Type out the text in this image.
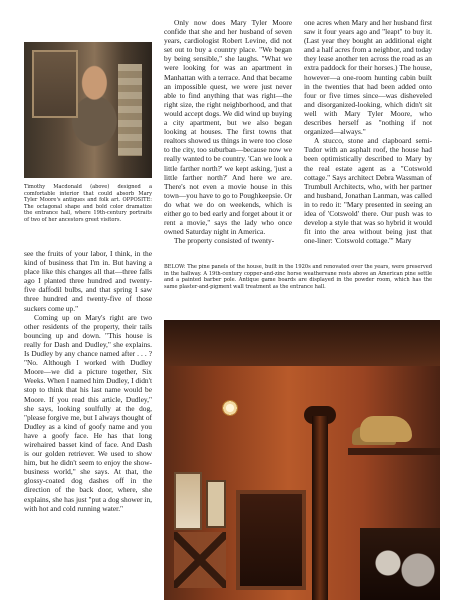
Timothy Macdonald (above) designed a comfortable interior that could absorb Mary Tyler Moore's antiques and folk art. OPPOSITE: The octagonal shape and bold color dramatize the entrance hall, where 19th-century portraits of two of her ancestors greet visitors.

see the fruits of your labor, I think, in the kind of business that I'm in. But having a place like this changes all that—three falls ago I planted three hundred and twenty-five daffodil bulbs, and that spring I saw three hundred and twenty-five of those suckers come up."

Coming up on Mary's right are two other residents of the property, their tails bouncing up and down. "This house is really for Dash and Dudley," she explains. Is Dudley by any chance named after . . . ? "No. Although I worked with Dudley Moore—we did a picture together, Six Weeks. When I named him Dudley, I didn't stop to think that his last name would be Moore. If you read this article, Dudley," she says, looking soulfully at the dog, "please forgive me, but I always thought of Dudley as a kind of goofy name and you have a goofy face. He has that long wirehaired basset kind of face. And Dash is our golden retriever. We used to show him, but he didn't seem to enjoy the show-business world," she says. At that, the glossy-coated dog dashes off in the direction of the back door, where, she explains, she has just "put a dog shower in, with hot and cold running water."

Only now does Mary Tyler Moore confide that she and her husband of seven years, cardiologist Robert Levine, did not set out to buy a country place. "We began by being sensible," she laughs. "What we were looking for was an apartment in Manhattan with a terrace. And that became an impossible quest, we were just never able to find anything that was right—the right size, the right neighborhood, and that would accept dogs. We did wind up buying a city apartment, but we also began looking at houses. The first towns that realtors showed us things in were too close to the city, too suburban—because now we really wanted to be country. 'Can we look a little farther north?' we kept asking, 'just a little farther north?' And here we are. There's not even a movie house in this town—you have to go to Poughkeepsie. Or do what we do on weekends, which is either go to bed early and forget about it or rent a movie," says the lady who once owned Saturday night in America.

The property consisted of twenty-

one acres when Mary and her husband first saw it four years ago and "leapt" to buy it. (Last year they bought an additional eight and a half acres from a neighbor, and today they lease another ten across the road as an extra paddock for their horses.) The house, however—a one-room hunting cabin built in the twenties that had been added onto four or five times since—was disheveled and disorganized-looking, which didn't sit well with Mary Tyler Moore, who describes herself as "nothing if not organized—always."

A stucco, stone and clapboard semi-Tudor with an asphalt roof, the house had been optimistically described to Mary by the real estate agent as a "Cotswold cottage." Says architect Debra Wassman of Trumbull Architects, who, with her partner and husband, Jonathan Lanman, was called in to redo it: "Mary presented in seeing an idea of 'Cotswold' there. Our push was to develop a style that was so hybrid it would fit into the area without being just that one-liner: 'Cotswold cottage.'" Mary

BELOW: The pine panels of the house, built in the 1920s and renovated over the years, were preserved in the hallway. A 19th-century copper-and-zinc horse weathervane rests above an American pine settle and a painted barber pole. Antique game boards are displayed in the powder room, which has the same plaster-and-pigment wall treatment as the entrance hall.
